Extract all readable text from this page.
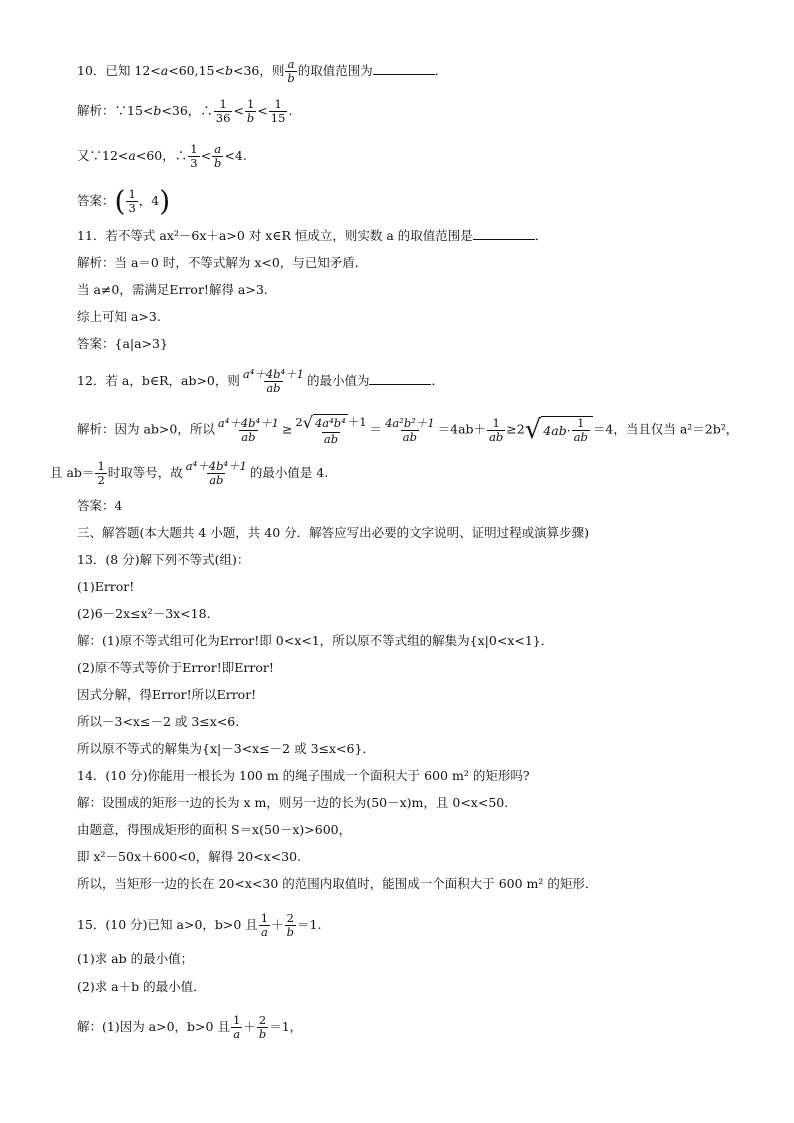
10．已知 12<a<60,15<b<36，则 $\frac{a}{b}$ 的取值范围为	．
解析：∵15<b<36，∴ $\frac{1}{36} < \frac{1}{b} < \frac{1}{15}$ .
又∵12<a<60，∴ $\frac{1}{3} < \frac{a}{b} <4$.
答案：( $\frac{1}{3}$ ，4)
11．若不等式 ax²－6x＋a>0 对 x∈R 恒成立，则实数 a 的取值范围是	．
解析：当 a＝0 时，不等式解为 x<0，与已知矛盾．
当 a≠0，需满足Error!解得 a>3.
综上可知 a>3.
答案：{a|a>3}
12．若 a，b∈R，ab>0，则 $\frac{\text{a⁴＋4b⁴＋1}}{ab}$ 的最小值为	．
解析：因为 ab>0，所以 $\frac{\text{a⁴＋4b⁴＋1}}{ab} \ge \frac{\text{2 √ 4a⁴b⁴ ＋1}}{ab} = \frac{\text{4a²b²＋1}}{ab} =4ab+ \frac{1}{ab} \ge 2$ √ $4ab\cdot \frac{1}{ab} =4$，当且仅当 a²＝2b²，
且 $ab= \frac{1}{2}$ 时取等号，故 $\frac{\text{a⁴＋4b⁴＋1}}{ab}$ 的最小值是 4.
答案：4
三、解答题(本大题共 4 小题，共 40 分．解答应写出必要的文字说明、证明过程或演算步骤)
13．(8 分)解下列不等式(组)：
(1)Error!
(2)6－2x≤x²－3x<18.
解：(1)原不等式组可化为Error!即 0<x<1，所以原不等式组的解集为{x|0<x<1}．
(2)原不等式等价于Error!即Error!
因式分解，得Error!所以Error!
所以－3<x≤－2 或 3≤x<6.
所以原不等式的解集为{x|－3<x≤－2 或 3≤x<6}．
14．(10 分)你能用一根长为 100 m 的绳子围成一个面积大于 600 m² 的矩形吗?
解：设围成的矩形一边的长为 x m，则另一边的长为(50－x)m，且 0<x<50.
由题意，得围成矩形的面积 S＝x(50－x)>600，
即 x²－50x＋600<0，解得 20<x<30.
所以，当矩形一边的长在 20<x<30 的范围内取值时，能围成一个面积大于 600 m² 的矩形．
15．(10 分)已知 a>0，b>0 且 $\frac{1}{a} + \frac{2}{b} =1$.
(1)求 ab 的最小值；
(2)求 a＋b 的最小值．
解：(1)因为 a>0，b>0 且 $\frac{1}{a} + \frac{2}{b} =1$，
